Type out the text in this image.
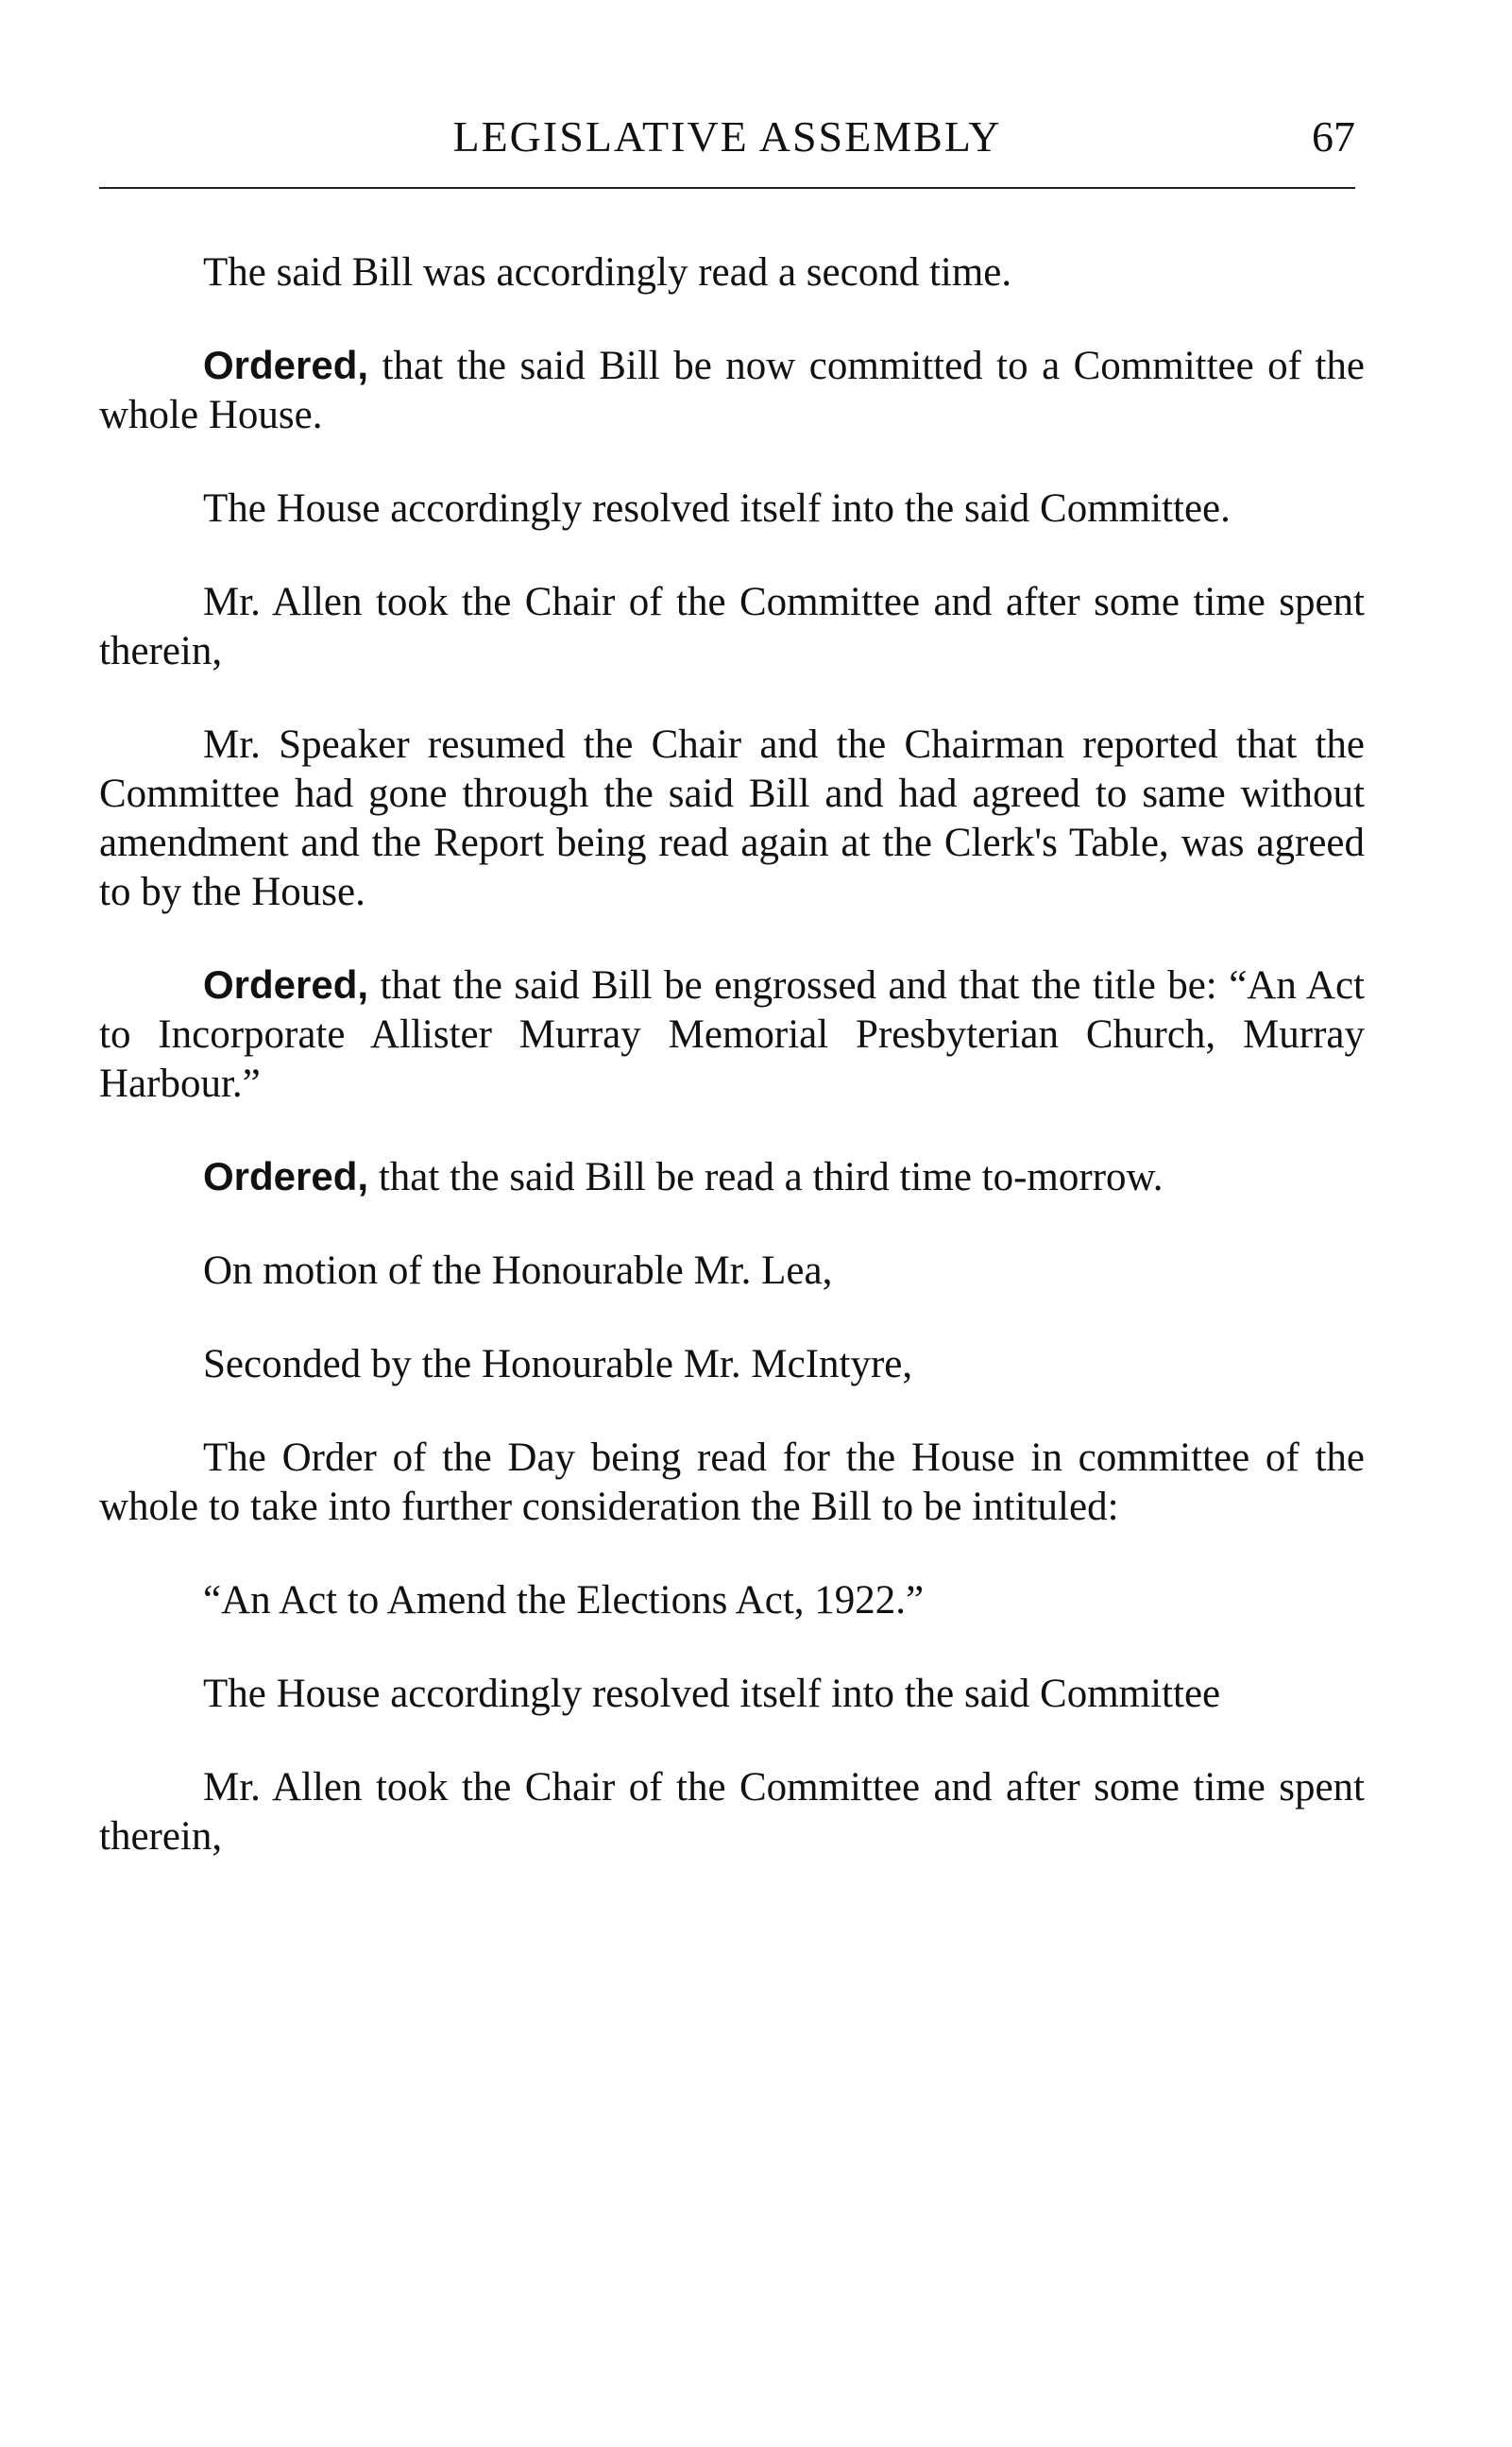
LEGISLATIVE ASSEMBLY	67

The said Bill was accordingly read a second time.

Ordered, that the said Bill be now committed to a Committee of the whole House.

The House accordingly resolved itself into the said Committee.

Mr. Allen took the Chair of the Committee and after some time spent therein,

Mr. Speaker resumed the Chair and the Chairman reported that the Committee had gone through the said Bill and had agreed to same without amendment and the Report being read again at the Clerk's Table, was agreed to by the House.

Ordered, that the said Bill be engrossed and that the title be: “An Act to Incorporate Allister Murray Memorial Presbyterian Church, Murray Harbour.”

Ordered, that the said Bill be read a third time to-morrow.

On motion of the Honourable Mr. Lea,

Seconded by the Honourable Mr. McIntyre,

The Order of the Day being read for the House in committee of the whole to take into further consideration the Bill to be intituled:

“An Act to Amend the Elections Act, 1922.”

The House accordingly resolved itself into the said Committee

Mr. Allen took the Chair of the Committee and after some time spent therein,
